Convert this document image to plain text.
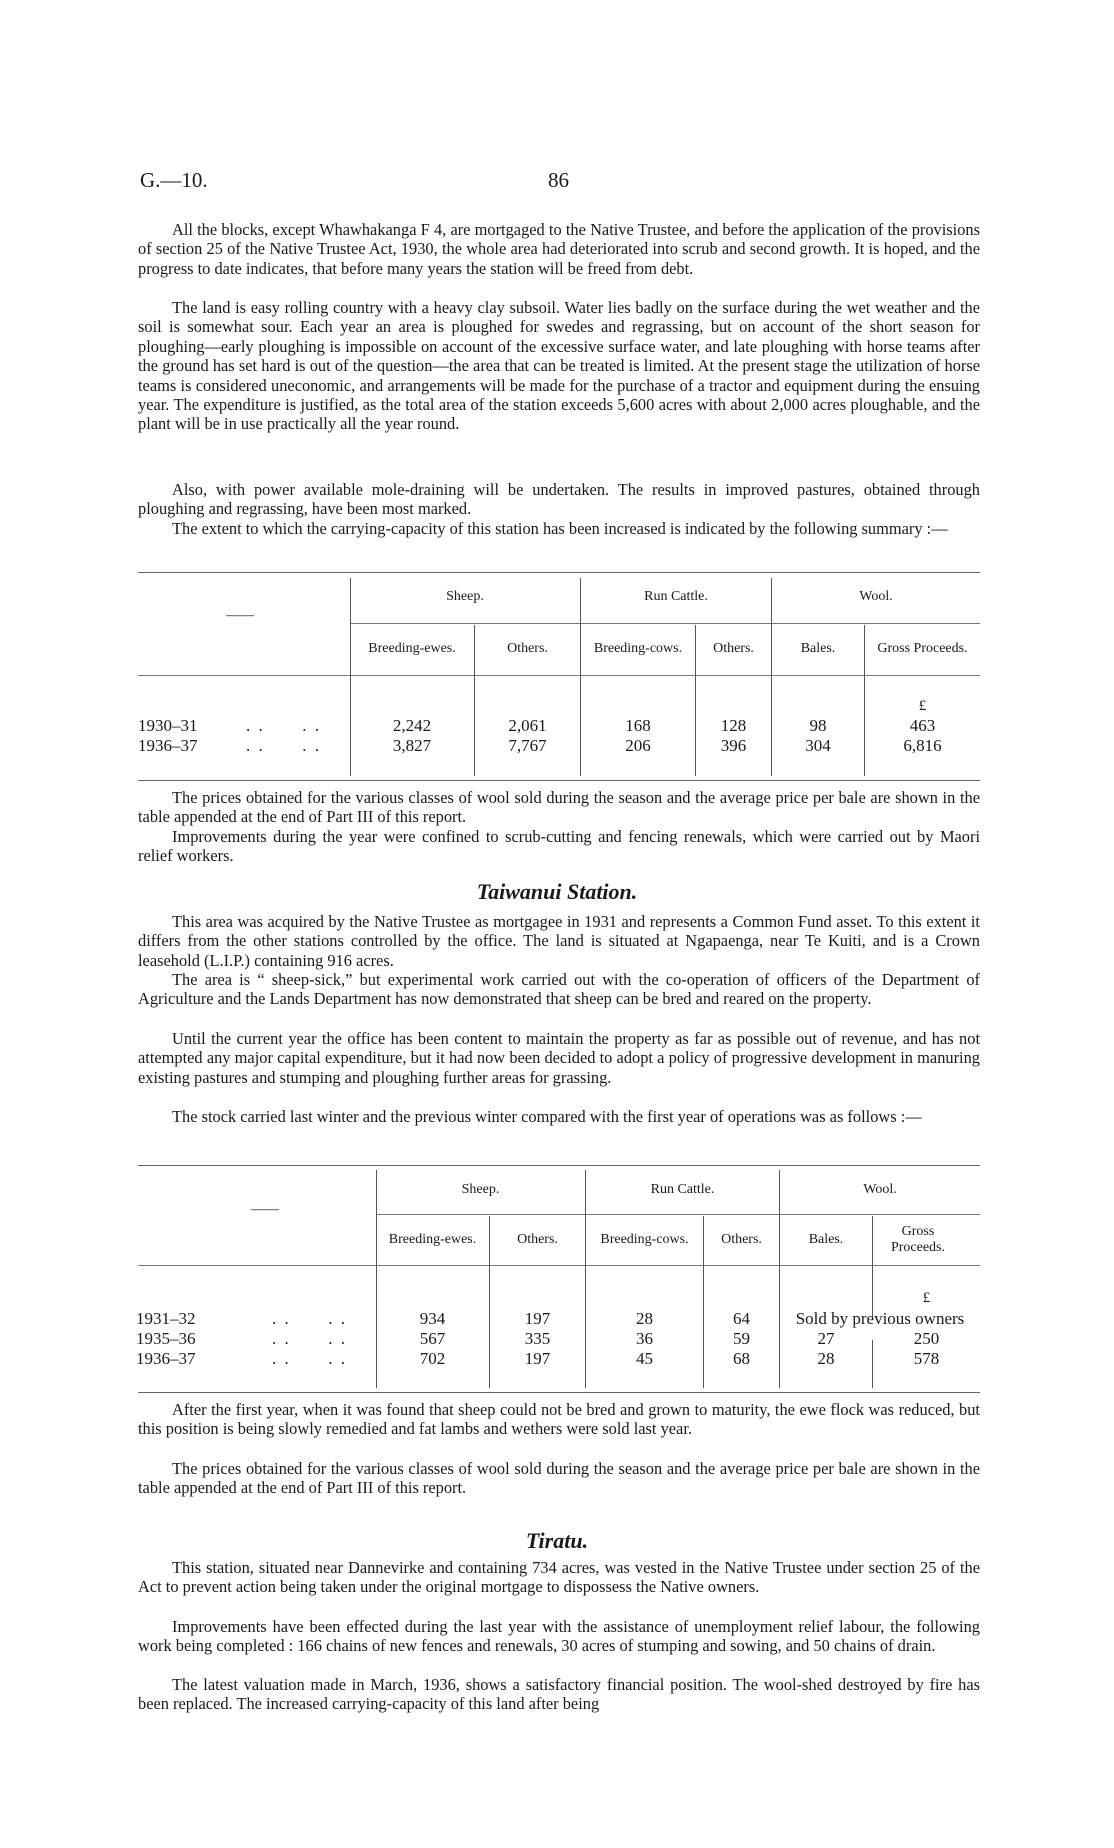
G.—10.	86

All the blocks, except Whawhakanga F 4, are mortgaged to the Native Trustee, and before the application of the provisions of section 25 of the Native Trustee Act, 1930, the whole area had deteriorated into scrub and second growth. It is hoped, and the progress to date indicates, that before many years the station will be freed from debt.

The land is easy rolling country with a heavy clay subsoil. Water lies badly on the surface during the wet weather and the soil is somewhat sour. Each year an area is ploughed for swedes and regrassing, but on account of the short season for ploughing—early ploughing is impossible on account of the excessive surface water, and late ploughing with horse teams after the ground has set hard is out of the question—the area that can be treated is limited. At the present stage the utilization of horse teams is considered uneconomic, and arrangements will be made for the purchase of a tractor and equipment during the ensuing year. The expenditure is justified, as the total area of the station exceeds 5,600 acres with about 2,000 acres ploughable, and the plant will be in use practically all the year round.

Also, with power available mole-draining will be undertaken. The results in improved pastures, obtained through ploughing and regrassing, have been most marked.

The extent to which the carrying-capacity of this station has been increased is indicated by the following summary :—

——
Sheep.	Run Cattle.	Wool.
Breeding-ewes.	Others.	Breeding-cows.	Others.	Bales.	Gross Proceeds.
£
1930–31	. .      . .	2,242	2,061	168	128	98	463
1936–37	. .      . .	3,827	7,767	206	396	304	6,816

The prices obtained for the various classes of wool sold during the season and the average price per bale are shown in the table appended at the end of Part III of this report.

Improvements during the year were confined to scrub-cutting and fencing renewals, which were carried out by Maori relief workers.

Taiwanui Station.

This area was acquired by the Native Trustee as mortgagee in 1931 and represents a Common Fund asset. To this extent it differs from the other stations controlled by the office. The land is situated at Ngapaenga, near Te Kuiti, and is a Crown leasehold (L.I.P.) containing 916 acres.

The area is “ sheep-sick,” but experimental work carried out with the co-operation of officers of the Department of Agriculture and the Lands Department has now demonstrated that sheep can be bred and reared on the property.

Until the current year the office has been content to maintain the property as far as possible out of revenue, and has not attempted any major capital expenditure, but it had now been decided to adopt a policy of progressive development in manuring existing pastures and stumping and ploughing further areas for grassing.

The stock carried last winter and the previous winter compared with the first year of operations was as follows :—

——
Sheep.	Run Cattle.	Wool.
Breeding-ewes.	Others.	Breeding-cows.	Others.	Bales.
Gross Proceeds.
£
1931–32	. .      . .	934	197	28	64	Sold by previous owners
1935–36	. .      . .	567	335	36	59	27	250
1936–37	. .      . .	702	197	45	68	28	578

After the first year, when it was found that sheep could not be bred and grown to maturity, the ewe flock was reduced, but this position is being slowly remedied and fat lambs and wethers were sold last year.

The prices obtained for the various classes of wool sold during the season and the average price per bale are shown in the table appended at the end of Part III of this report.

Tiratu.

This station, situated near Dannevirke and containing 734 acres, was vested in the Native Trustee under section 25 of the Act to prevent action being taken under the original mortgage to dispossess the Native owners.

Improvements have been effected during the last year with the assistance of unemployment relief labour, the following work being completed : 166 chains of new fences and renewals, 30 acres of stumping and sowing, and 50 chains of drain.

The latest valuation made in March, 1936, shows a satisfactory financial position. The wool-shed destroyed by fire has been replaced. The increased carrying-capacity of this land after being
